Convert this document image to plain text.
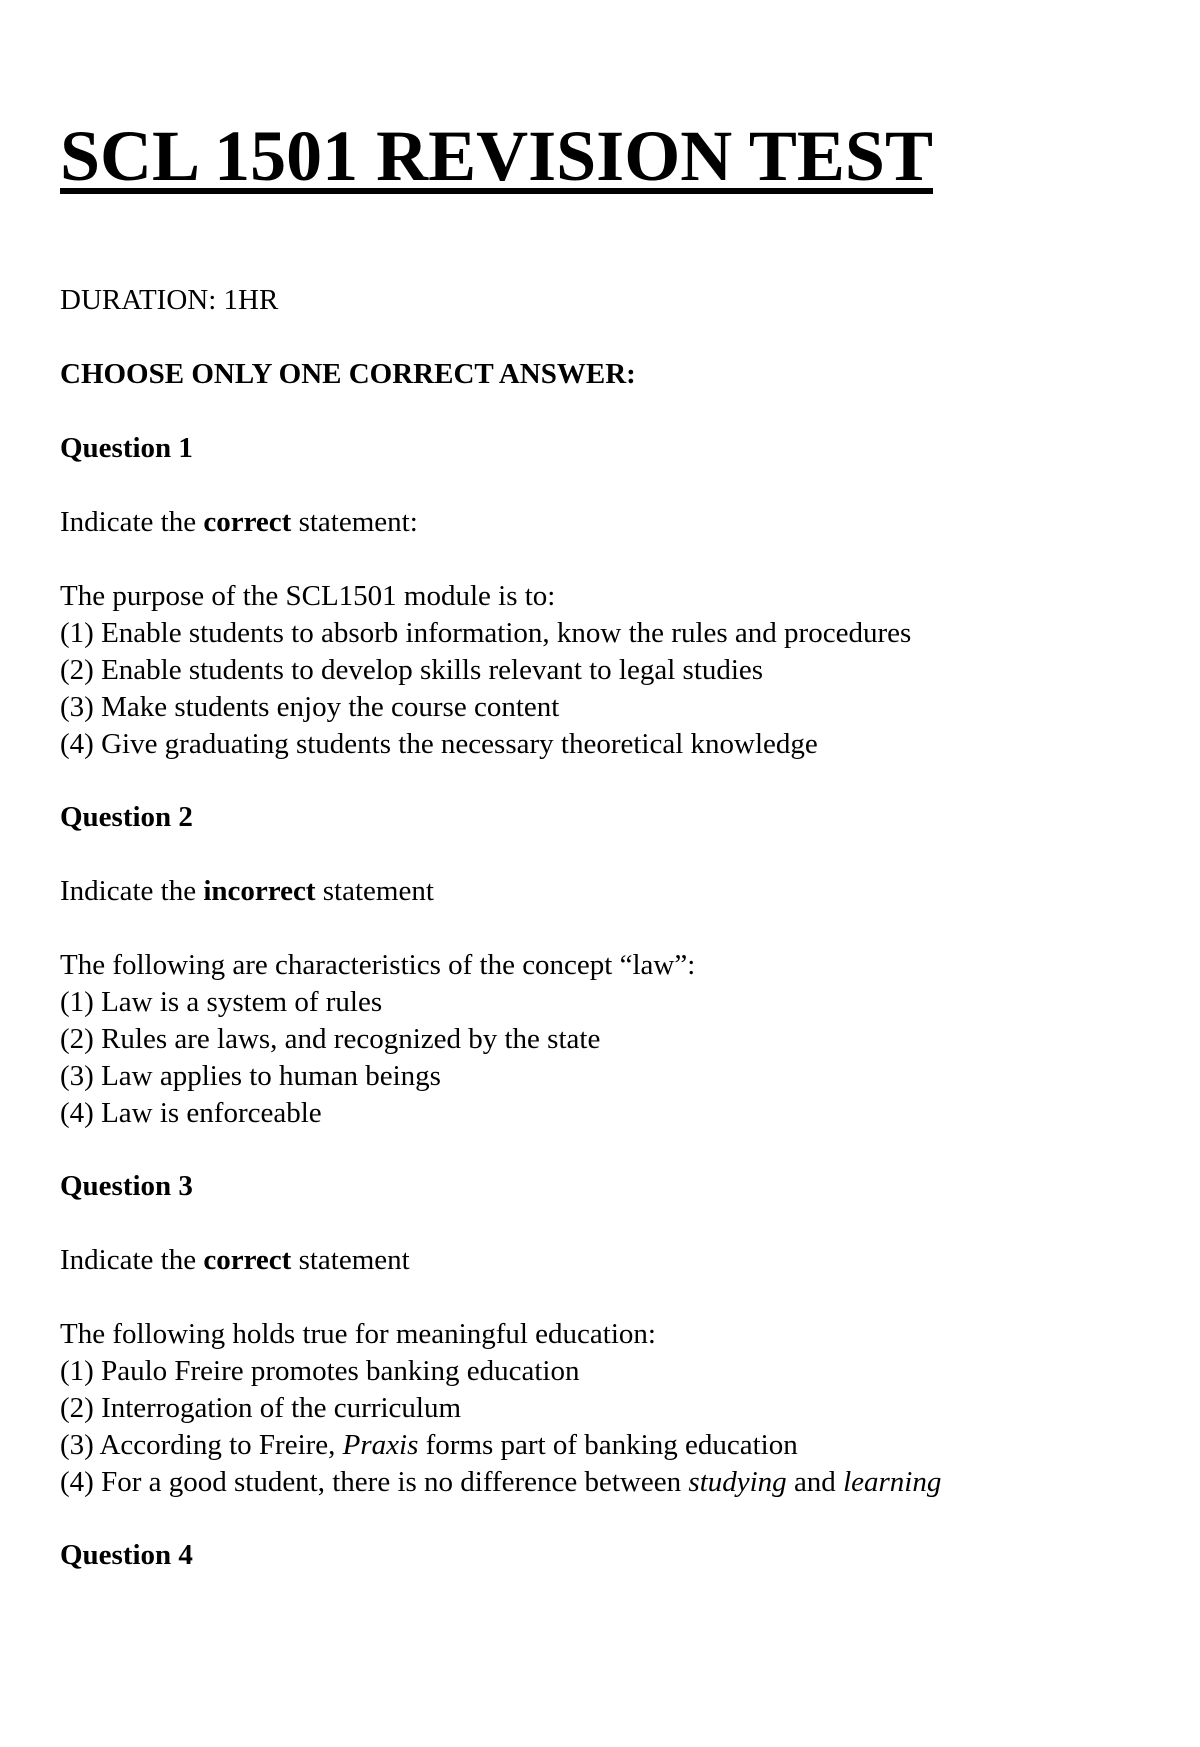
SCL 1501 REVISION TEST
DURATION: 1HR
CHOOSE ONLY ONE CORRECT ANSWER:
Question 1
Indicate the correct statement:
The purpose of the SCL1501 module is to:
(1) Enable students to absorb information, know the rules and procedures
(2) Enable students to develop skills relevant to legal studies
(3) Make students enjoy the course content
(4) Give graduating students the necessary theoretical knowledge
Question 2
Indicate the incorrect statement
The following are characteristics of the concept “law”:
(1) Law is a system of rules
(2) Rules are laws, and recognized by the state
(3) Law applies to human beings
(4) Law is enforceable
Question 3
Indicate the correct statement
The following holds true for meaningful education:
(1) Paulo Freire promotes banking education
(2) Interrogation of the curriculum
(3) According to Freire, Praxis forms part of banking education
(4) For a good student, there is no difference between studying and learning
Question 4
